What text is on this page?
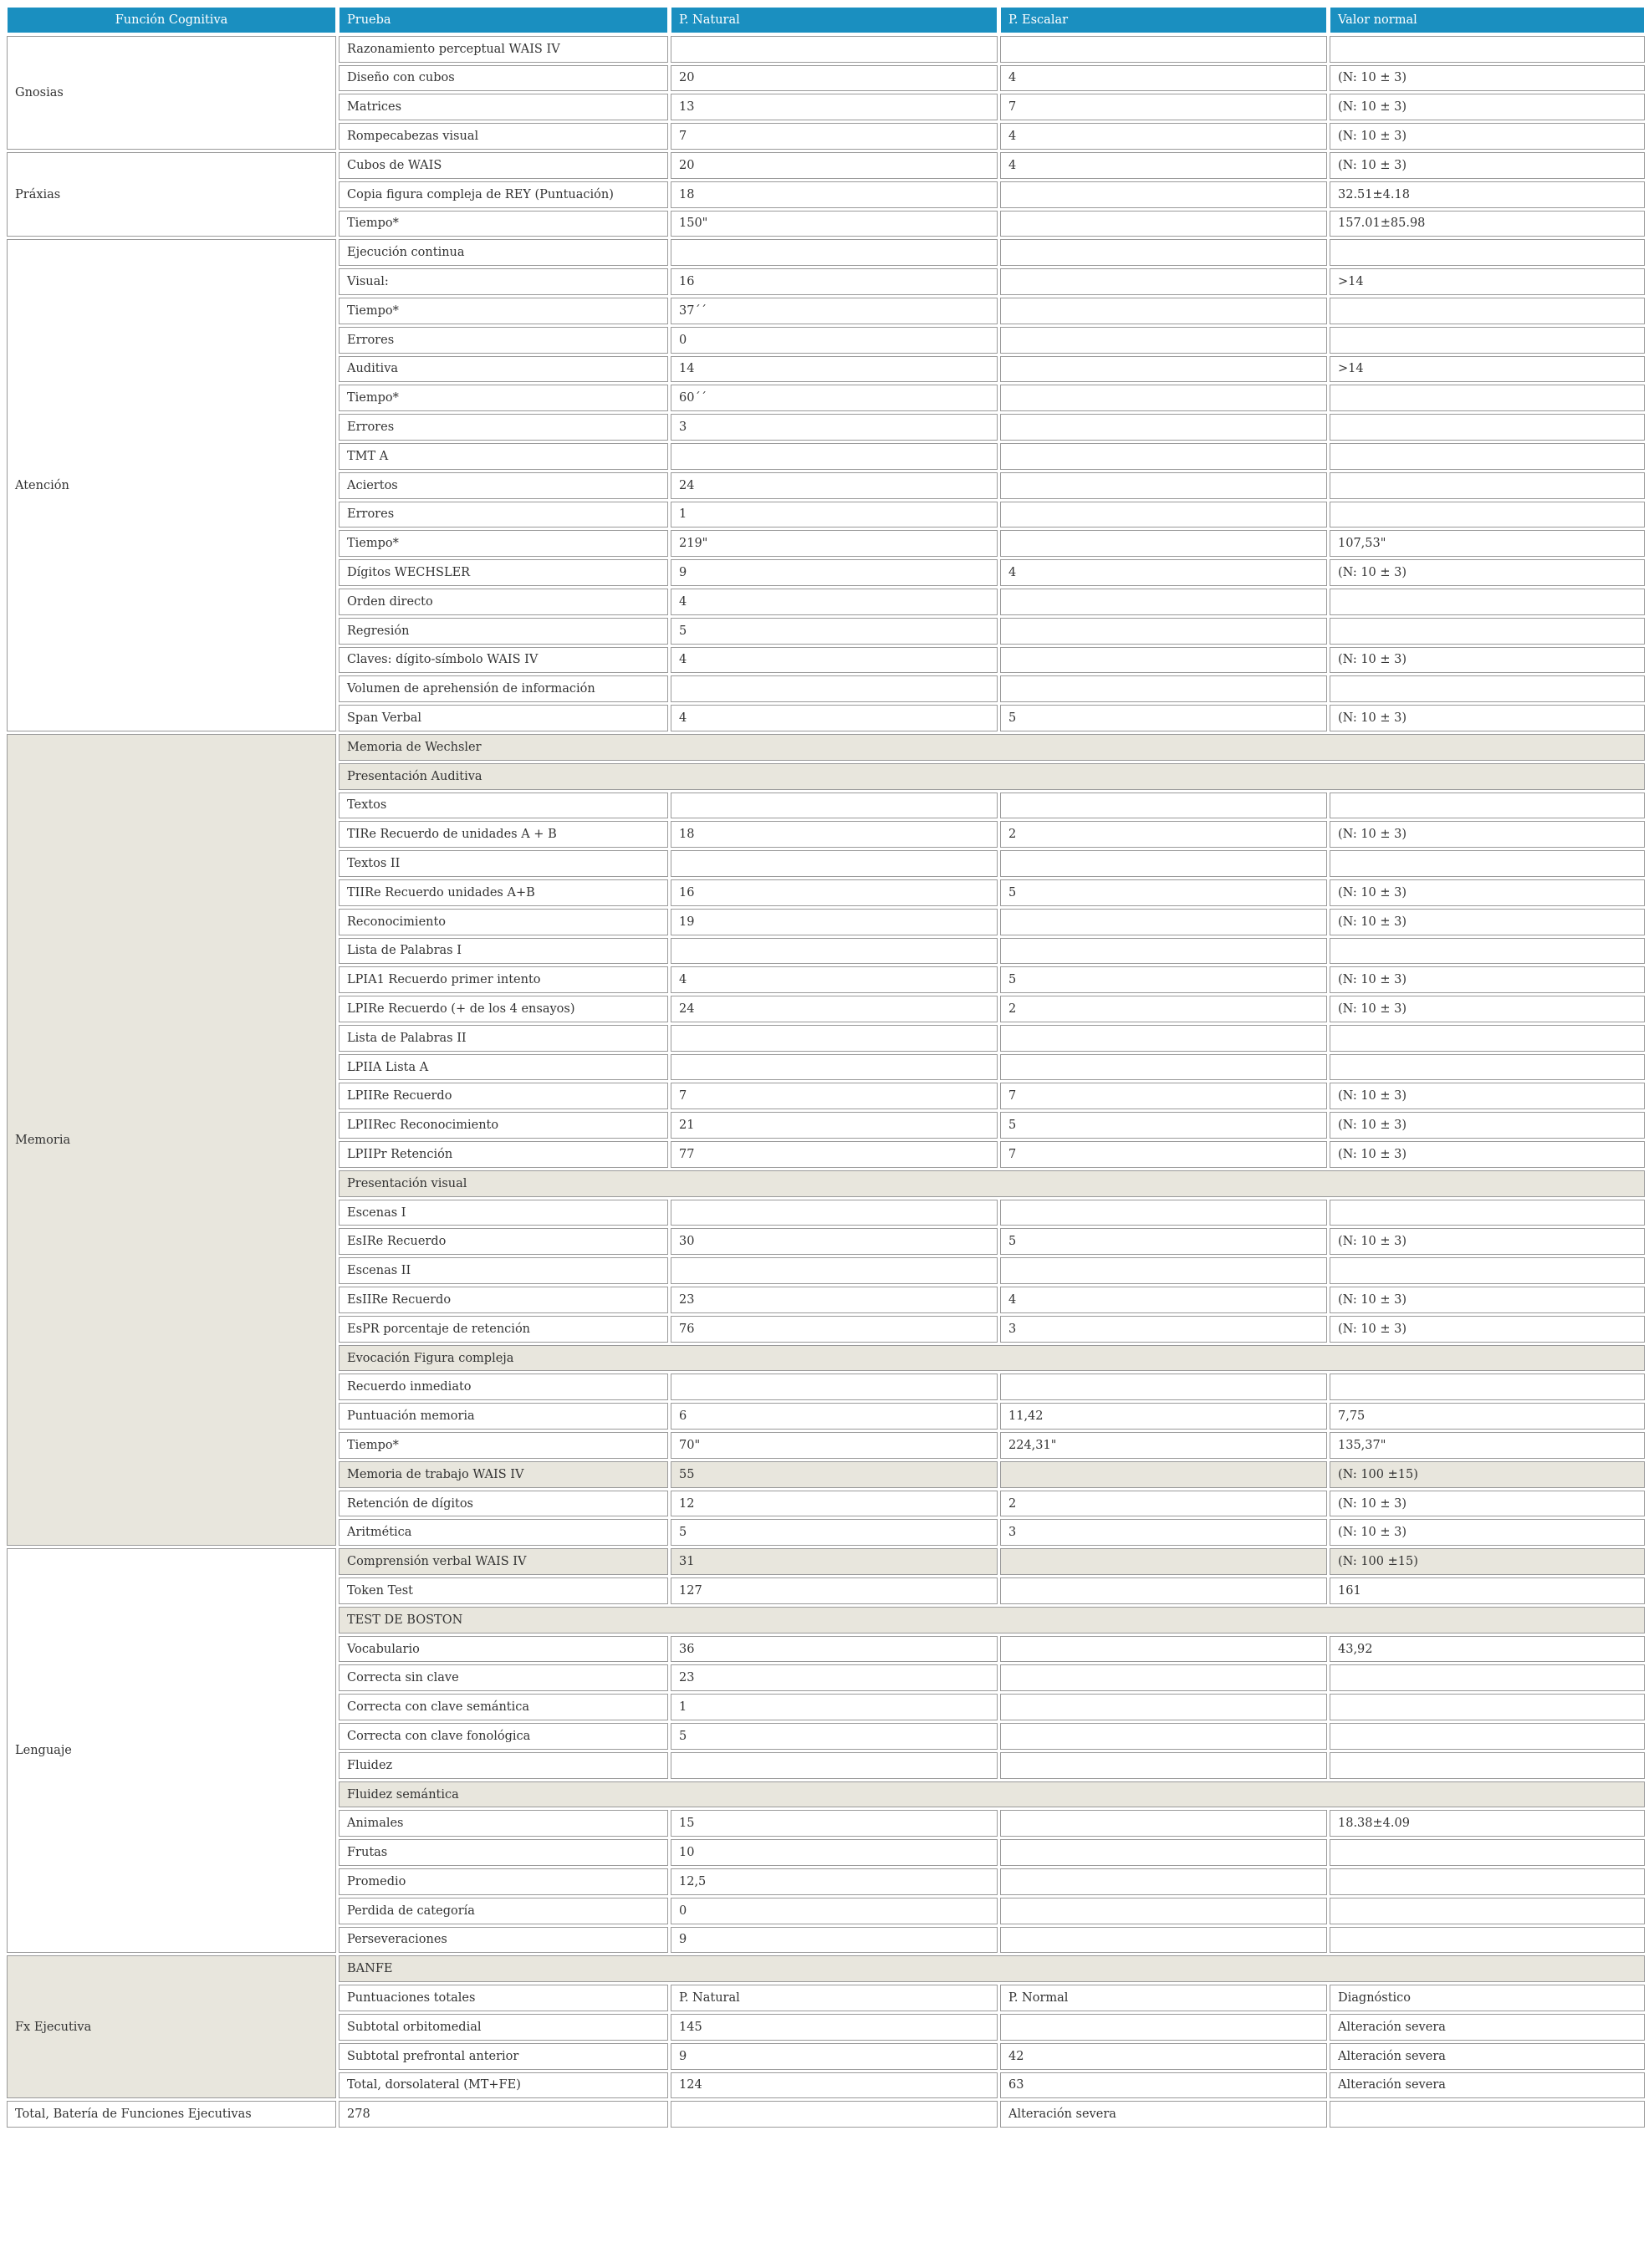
Función Cognitiva	Prueba	P. Natural	P. Escalar	Valor normal
Gnosias	Razonamiento perceptual WAIS IV			
	Diseño con cubos	20	4	(N: 10 ± 3)
	Matrices	13	7	(N: 10 ± 3)
	Rompecabezas visual	7	4	(N: 10 ± 3)
Práxias	Cubos de WAIS	20	4	(N: 10 ± 3)
	Copia figura compleja de REY (Puntuación)	18		32.51±4.18
	Tiempo*	150"		157.01±85.98
Atención	Ejecución continua			
	Visual:	16		>14
	Tiempo*	37´´		
	Errores	0		
	Auditiva	14		>14
	Tiempo*	60´´		
	Errores	3		
	TMT A			
	Aciertos	24		
	Errores	1		
	Tiempo*	219"		107,53"
	Dígitos WECHSLER	9	4	(N: 10 ± 3)
	Orden directo	4		
	Regresión	5		
	Claves: dígito-símbolo WAIS IV	4		(N: 10 ± 3)
	Volumen de aprehensión de información			
	Span Verbal	4	5	(N: 10 ± 3)
Memoria	Memoria de Wechsler			
	Presentación Auditiva			
	Textos			
	TIRe Recuerdo de unidades A + B	18	2	(N: 10 ± 3)
	Textos II			
	TIIRe Recuerdo unidades A+B	16	5	(N: 10 ± 3)
	Reconocimiento	19		(N: 10 ± 3)
	Lista de Palabras I			
	LPIA1 Recuerdo primer intento	4	5	(N: 10 ± 3)
	LPIRe Recuerdo (+ de los 4 ensayos)	24	2	(N: 10 ± 3)
	Lista de Palabras II			
	LPIIA Lista A			
	LPIIRe Recuerdo	7	7	(N: 10 ± 3)
	LPIIRec Reconocimiento	21	5	(N: 10 ± 3)
	LPIIPr Retención	77	7	(N: 10 ± 3)
	Presentación visual			
	Escenas I			
	EsIRe Recuerdo	30	5	(N: 10 ± 3)
	Escenas II			
	EsIIRe Recuerdo	23	4	(N: 10 ± 3)
	EsPR porcentaje de retención	76	3	(N: 10 ± 3)
	Evocación Figura compleja			
	Recuerdo inmediato			
	Puntuación memoria	6	11,42	7,75
	Tiempo*	70"	224,31"	135,37"
	Memoria de trabajo WAIS IV	55		(N: 100 ±15)
	Retención de dígitos	12	2	(N: 10 ± 3)
	Aritmética	5	3	(N: 10 ± 3)
Lenguaje	Comprensión verbal WAIS IV	31		(N: 100 ±15)
	Token Test	127		161
	TEST DE BOSTON			
	Vocabulario	36		43,92
	Correcta sin clave	23		
	Correcta con clave semántica	1		
	Correcta con clave fonológica	5		
	Fluidez			
	Fluidez semántica			
	Animales	15		18.38±4.09
	Frutas	10		
	Promedio	12,5		
	Perdida de categoría	0		
	Perseveraciones	9		
Fx Ejecutiva	BANFE			
	Puntuaciones totales	P. Natural	P. Normal	Diagnóstico
	Subtotal orbitomedial	145		Alteración severa
	Subtotal prefrontal anterior	9	42	Alteración severa
	Total, dorsolateral (MT+FE)	124	63	Alteración severa
Total, Batería de Funciones Ejecutivas	278		Alteración severa	
